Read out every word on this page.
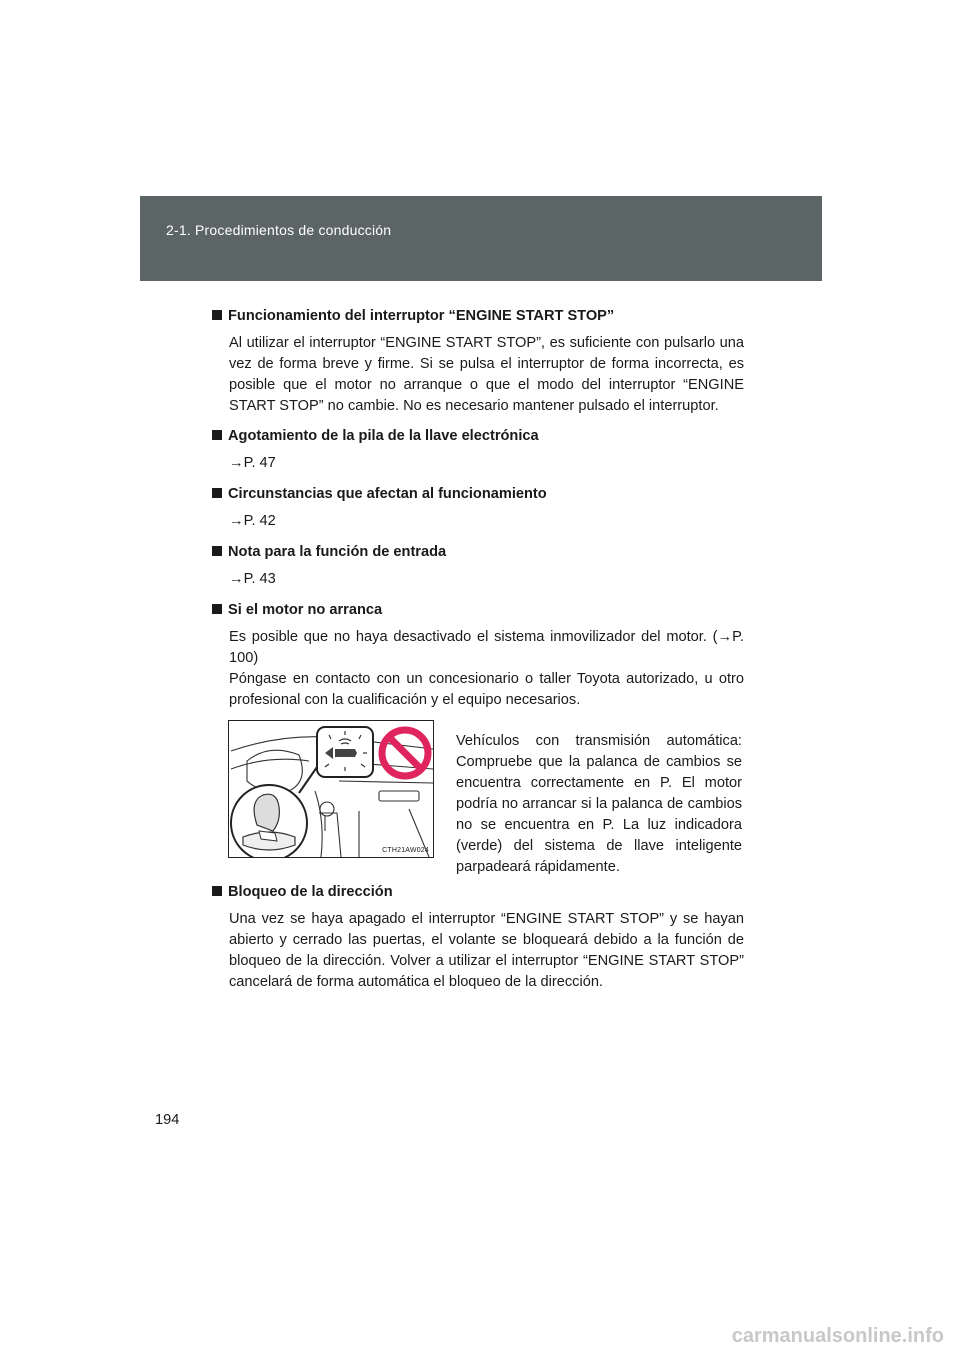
2-1. Procedimientos de conducción

Funcionamiento del interruptor “ENGINE START STOP”

Al utilizar el interruptor “ENGINE START STOP”, es suficiente con pulsarlo una vez de forma breve y firme. Si se pulsa el interruptor de forma incorrecta, es posible que el motor no arranque o que el modo del interruptor “ENGINE START STOP” no cambie. No es necesario mantener pulsado el interruptor.

Agotamiento de la pila de la llave electrónica

→P. 47

Circunstancias que afectan al funcionamiento

→P. 42

Nota para la función de entrada

→P. 43

Si el motor no arranca

Es posible que no haya desactivado el sistema inmovilizador del motor. (→P. 100)

Póngase en contacto con un concesionario o taller Toyota autorizado, u otro profesional con la cualificación y el equipo necesarios.

CTH21AW024

Vehículos con transmisión automática: Compruebe que la palanca de cambios se encuentra correctamente en P. El motor podría no arrancar si la palanca de cambios no se encuentra en P. La luz indicadora (verde) del sistema de llave inteligente parpadeará rápidamente.

Bloqueo de la dirección

Una vez se haya apagado el interruptor “ENGINE START STOP” y se hayan abierto y cerrado las puertas, el volante se bloqueará debido a la función de bloqueo de la dirección. Volver a utilizar el interruptor “ENGINE START STOP” cancelará de forma automática el bloqueo de la dirección.

194
carmanualsonline.info
